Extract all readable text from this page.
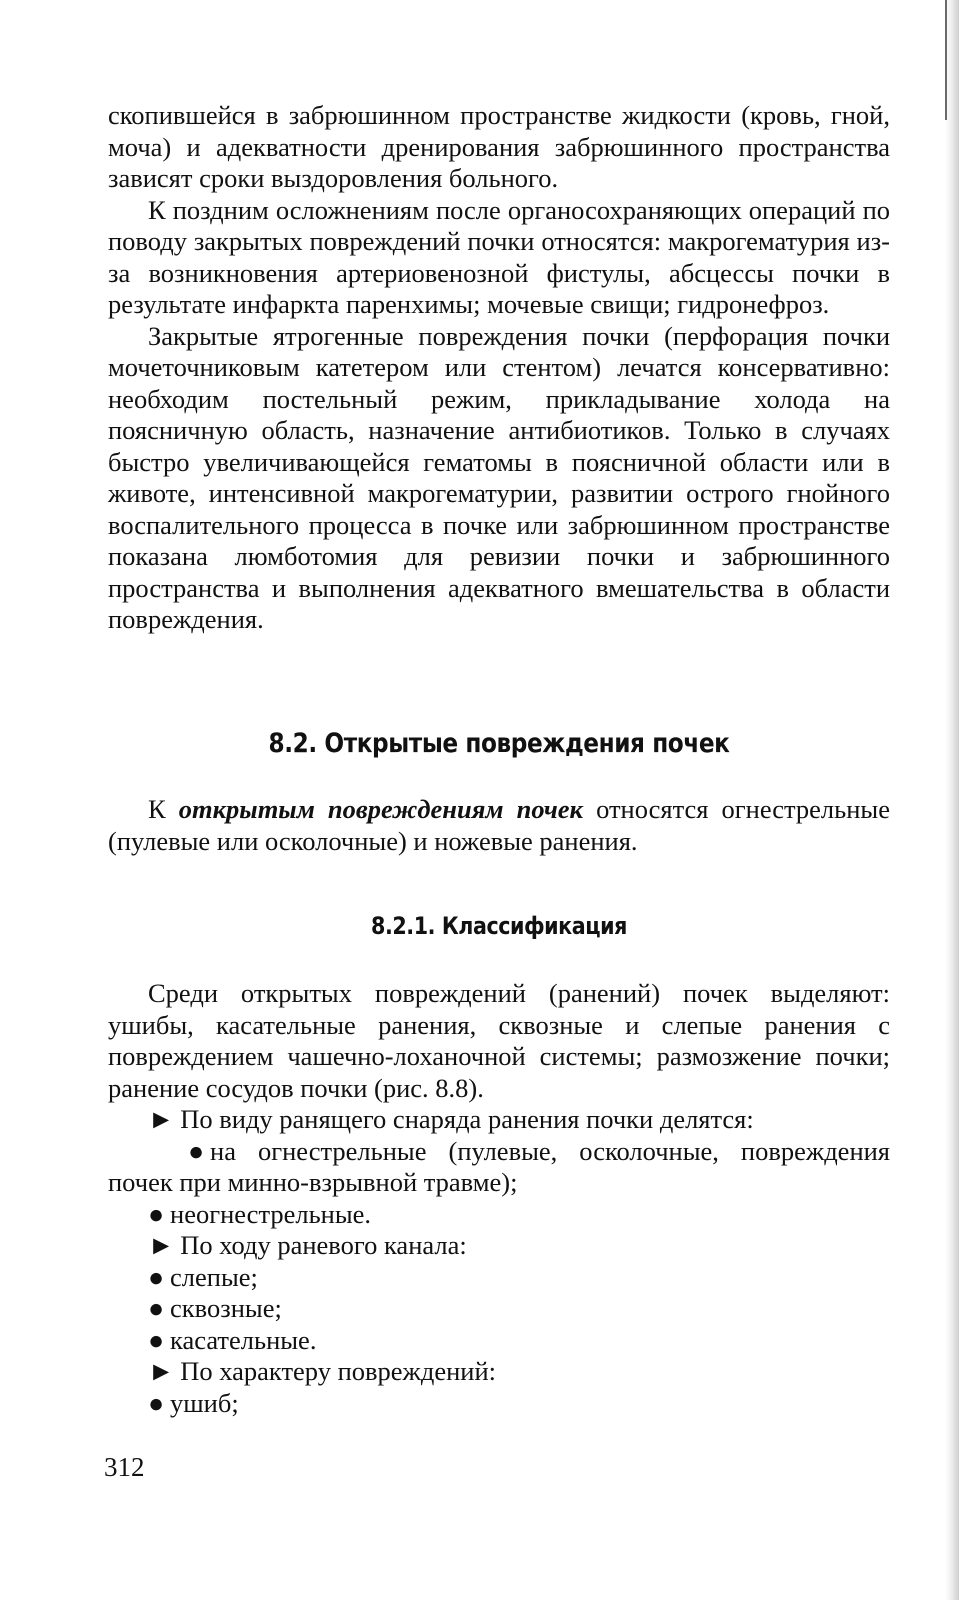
скопившейся в забрюшинном пространстве жидкости (кровь, гной, моча) и адекватности дренирования забрюшинного пространства зависят сроки выздоровления больного.

К поздним осложнениям после органосохраняющих операций по поводу закрытых повреждений почки относятся: макрогематурия из-за возникновения артериовенозной фистулы, абсцессы почки в результате инфаркта паренхимы; мочевые свищи; гидронефроз.

Закрытые ятрогенные повреждения почки (перфорация почки мочеточниковым катетером или стентом) лечатся консервативно: необходим постельный режим, прикладывание холода на поясничную область, назначение антибиотиков. Только в случаях быстро увеличивающейся гематомы в поясничной области или в животе, интенсивной макрогематурии, развитии острого гнойного воспалительного процесса в почке или забрюшинном пространстве показана люмботомия для ревизии почки и забрюшинного пространства и выполнения адекватного вмешательства в области повреждения.

8.2. Открытые повреждения почек

К открытым повреждениям почек относятся огнестрельные (пулевые или осколочные) и ножевые ранения.

8.2.1. Классификация

Среди открытых повреждений (ранений) почек выделяют: ушибы, касательные ранения, сквозные и слепые ранения с повреждением чашечно-лоханочной системы; размозжение почки; ранение сосудов почки (рис. 8.8).

► По виду ранящего снаряда ранения почки делятся:

● на огнестрельные (пулевые, осколочные, повреждения почек при минно-взрывной травме);

● неогнестрельные.

► По ходу раневого канала:

● слепые;

● сквозные;

● касательные.

► По характеру повреждений:

● ушиб;

312
